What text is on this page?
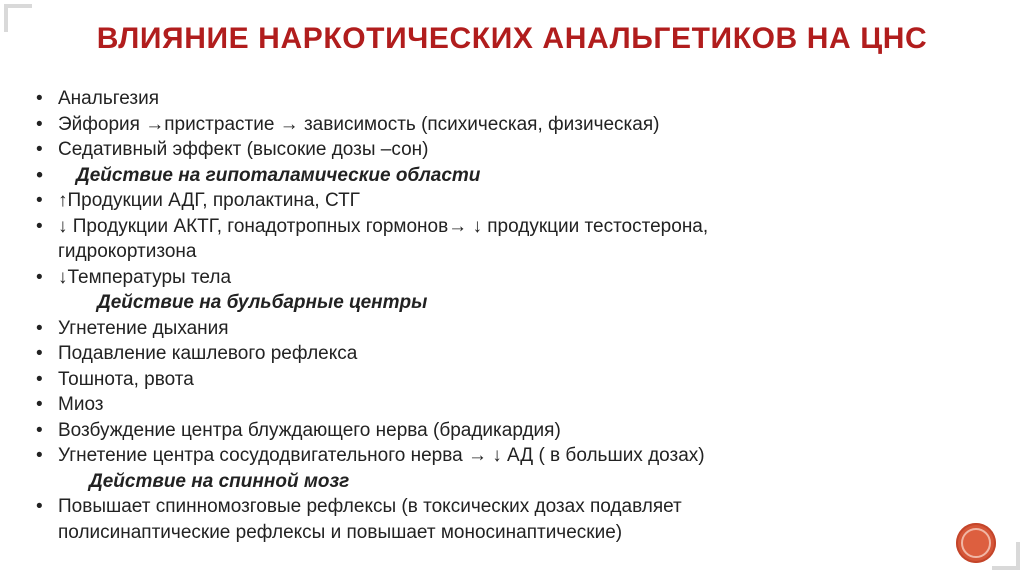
ВЛИЯНИЕ НАРКОТИЧЕСКИХ АНАЛЬГЕТИКОВ НА ЦНС
• Анальгезия
• Эйфория →пристрастие → зависимость (психическая, физическая)
• Седативный эффект (высокие дозы –сон)
•	Действие на гипоталамические области
• ↑Продукции АДГ, пролактина, СТГ
• ↓ Продукции АКТГ, гонадотропных гормонов→ ↓ продукции тестостерона,
гидрокортизона
• ↓Температуры тела
Действие на бульбарные центры
• Угнетение дыхания
• Подавление кашлевого рефлекса
• Тошнота, рвота
• Миоз
• Возбуждение центра блуждающего нерва (брадикардия)
• Угнетение центра сосудодвигательного нерва → ↓ АД ( в больших дозах)
Действие на спинной мозг
• Повышает спинномозговые рефлексы (в токсических дозах подавляет
полисинаптические рефлексы и повышает моносинаптические)
